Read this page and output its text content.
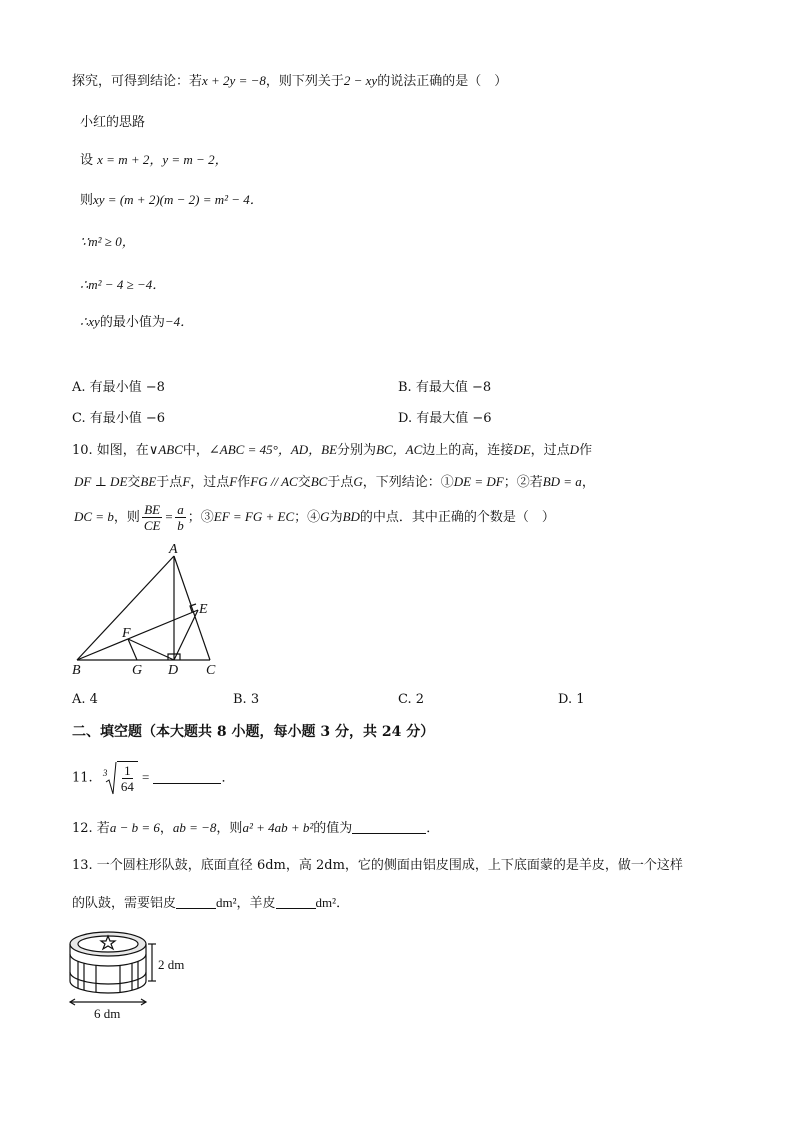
探究，可得到结论：若x + 2y = −8，则下列关于2 − xy的说法正确的是（　）
小红的思路
设 x = m + 2，y = m − 2，
则xy = (m + 2)(m − 2) = m² − 4．
∵m² ≥ 0，
∴m² − 4 ≥ −4．
∴xy的最小值为−4．
A. 有最小值 −8	B. 有最大值 −8
C. 有最小值 −6	D. 有最大值 −6
10. 如图，在∨ABC中，∠ABC = 45°，AD，BE分别为BC，AC边上的高，连接DE，过点D作
DF ⊥ DE交BE于点F，过点F作FG // AC交BC于点G，下列结论：①DE = DF；②若BD = a，
DC = b，则 $\frac{BE}{CE} = \frac{a}{b}$ ；③EF = FG + EC；④G为BD的中点．其中正确的个数是（　）
A
B	C
D
E
F
G
A. 4	B. 3	C. 2	D. 1
二、填空题（本大题共 8 小题，每小题 3 分，共 24 分）
11. $3 \frac{1}{64}$ =	．
12. 若a − b = 6，ab = −8，则a² + 4ab + b²的值为	．
13. 一个圆柱形队鼓，底面直径 6dm，高 2dm，它的侧面由铝皮围成，上下底面蒙的是羊皮，做一个这样
的队鼓，需要铝皮	dm²，羊皮	dm²．
2 dm
6 dm
